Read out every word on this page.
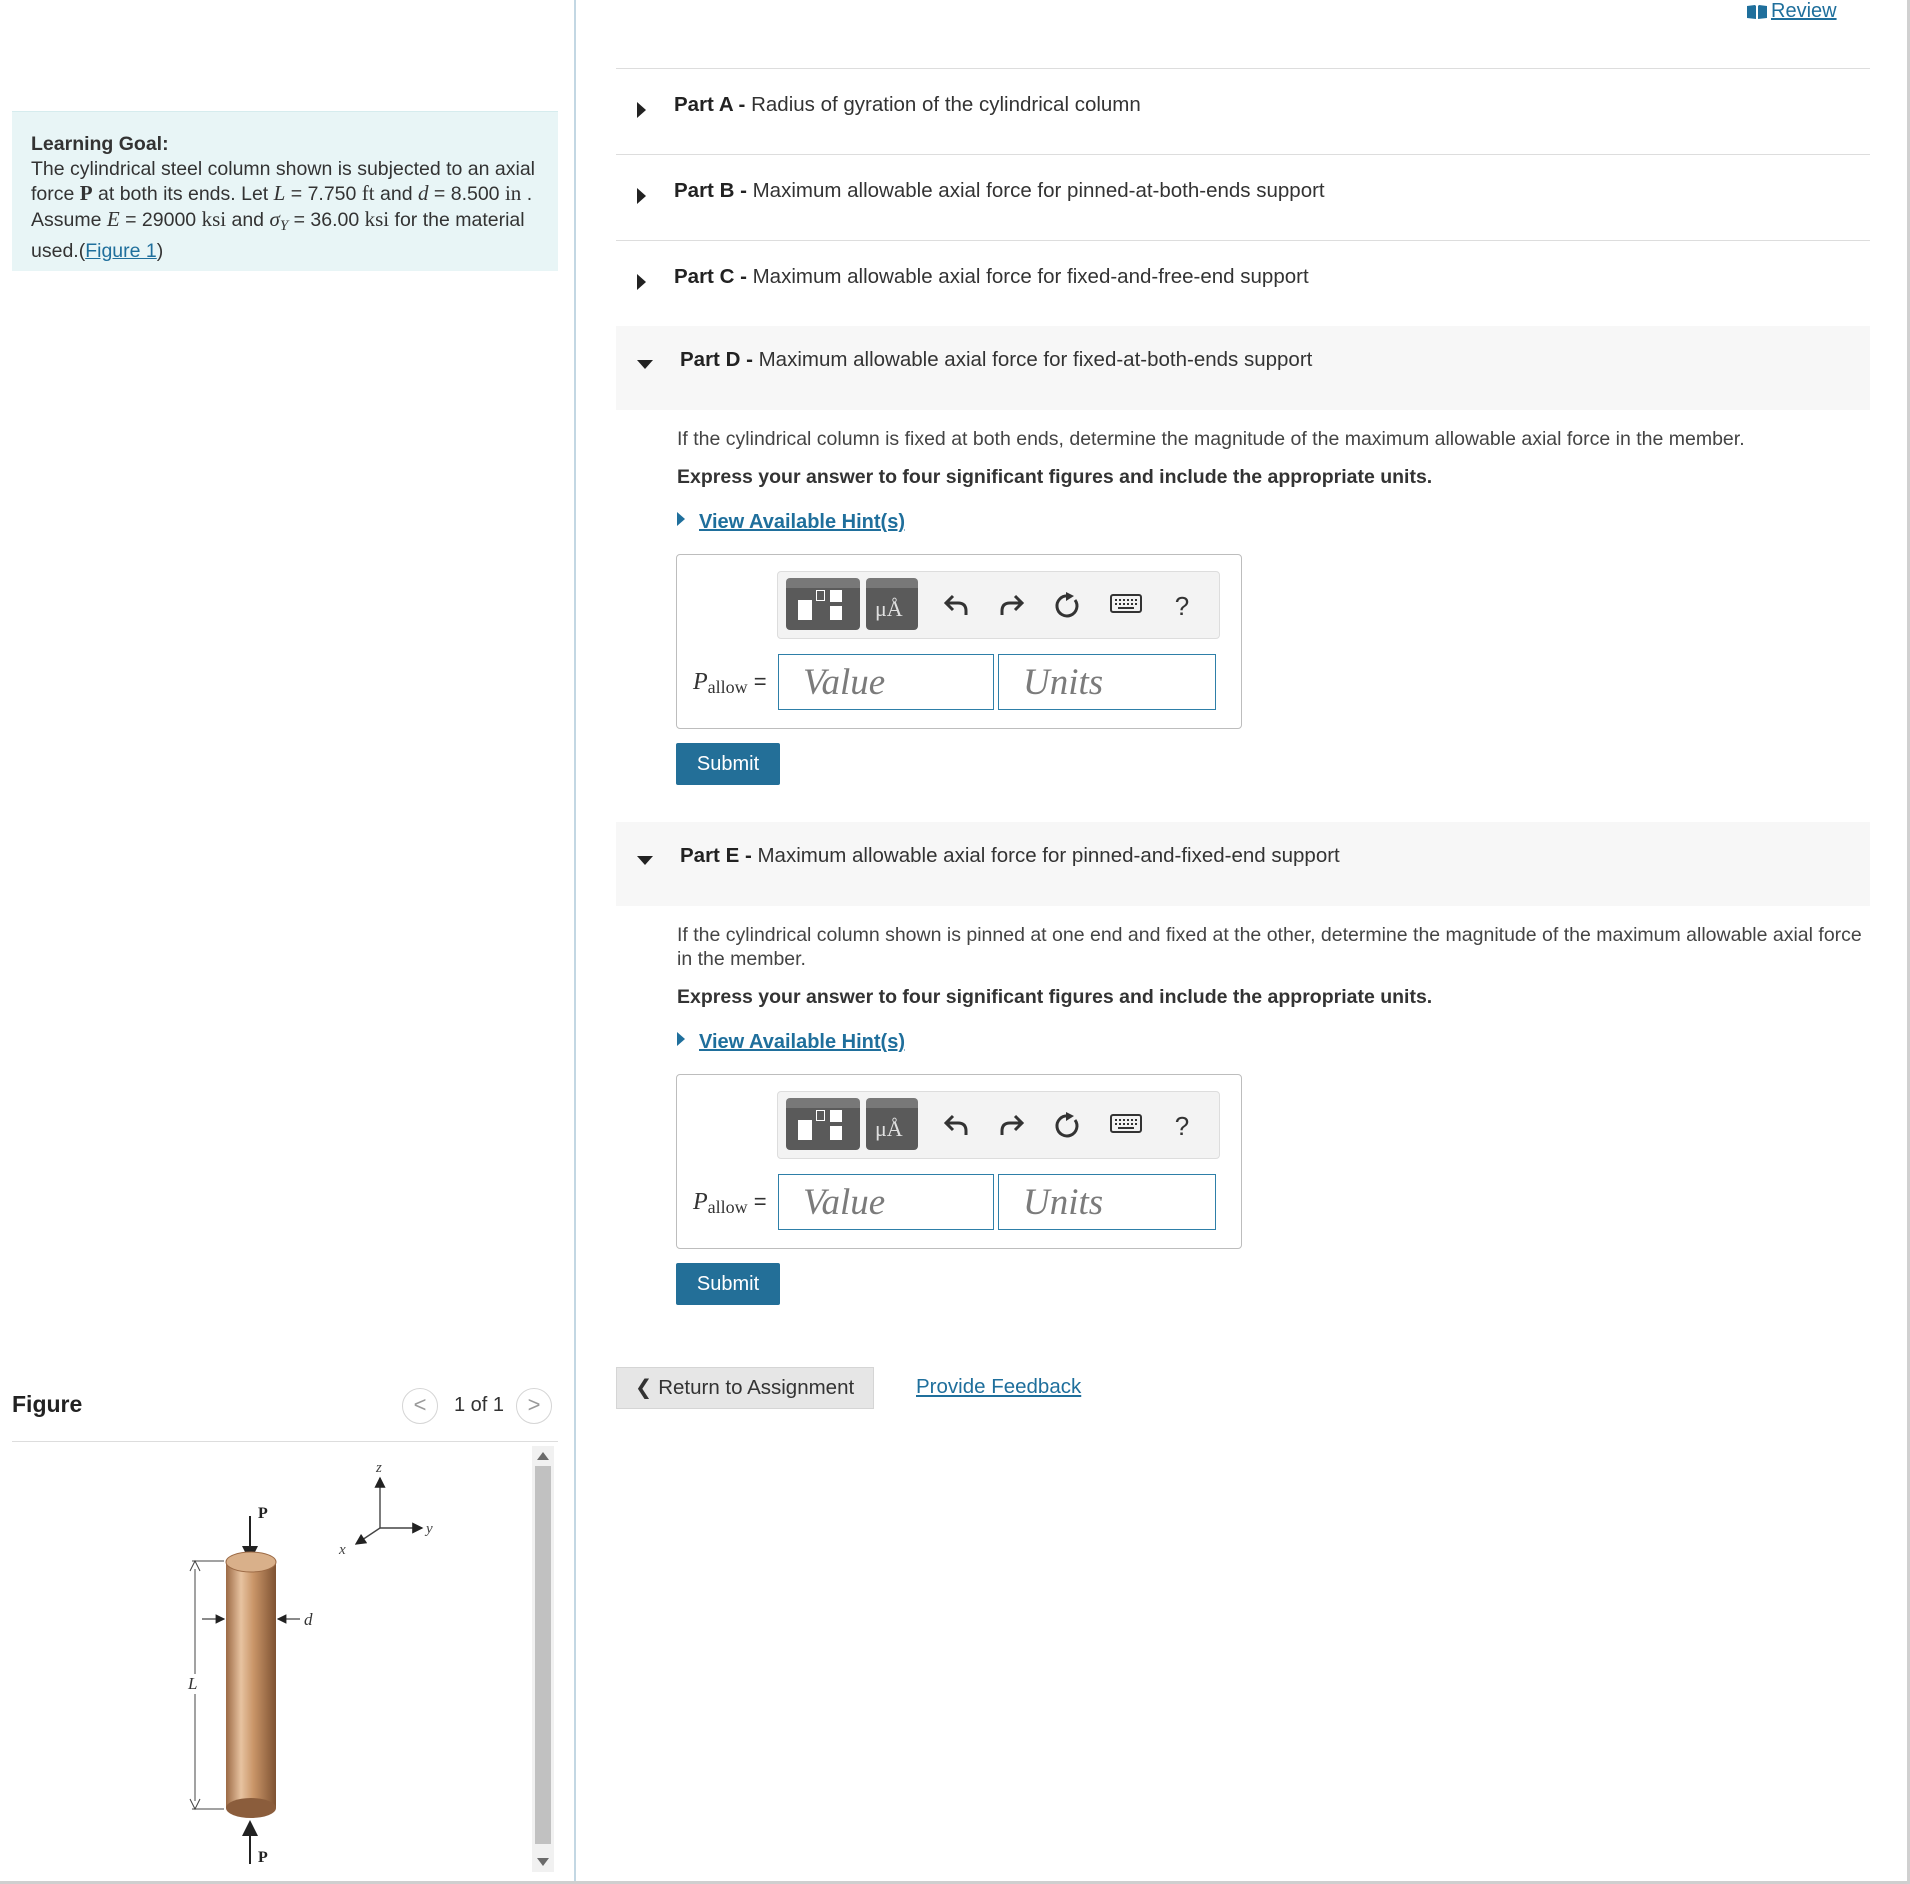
Learning Goal:
The cylindrical steel column shown is subjected to an axial force P at both its ends. Let L = 7.750 ft and d = 8.500 in . Assume E = 29000 ksi and $\sigma_Y = 36.00$ ksi for the material used.(Figure 1)
Figure	<	1 of 1	>
z
y
x
P
d
L
P
Review
Part A - Radius of gyration of the cylindrical column
Part B - Maximum allowable axial force for pinned-at-both-ends support
Part C - Maximum allowable axial force for fixed-and-free-end support
Part D - Maximum allowable axial force for fixed-at-both-ends support
If the cylindrical column is fixed at both ends, determine the magnitude of the maximum allowable axial force in the member.
Express your answer to four significant figures and include the appropriate units.
View Available Hint(s)
μÅ	?
$P_{allow}$ =
Value
Units
Submit
Part E - Maximum allowable axial force for pinned-and-fixed-end support
If the cylindrical column shown is pinned at one end and fixed at the other, determine the magnitude of the maximum allowable axial force in the member.
Express your answer to four significant figures and include the appropriate units.
View Available Hint(s)
μÅ	?
$P_{allow}$ =
Value
Units
Submit
❮ Return to Assignment	Provide Feedback
